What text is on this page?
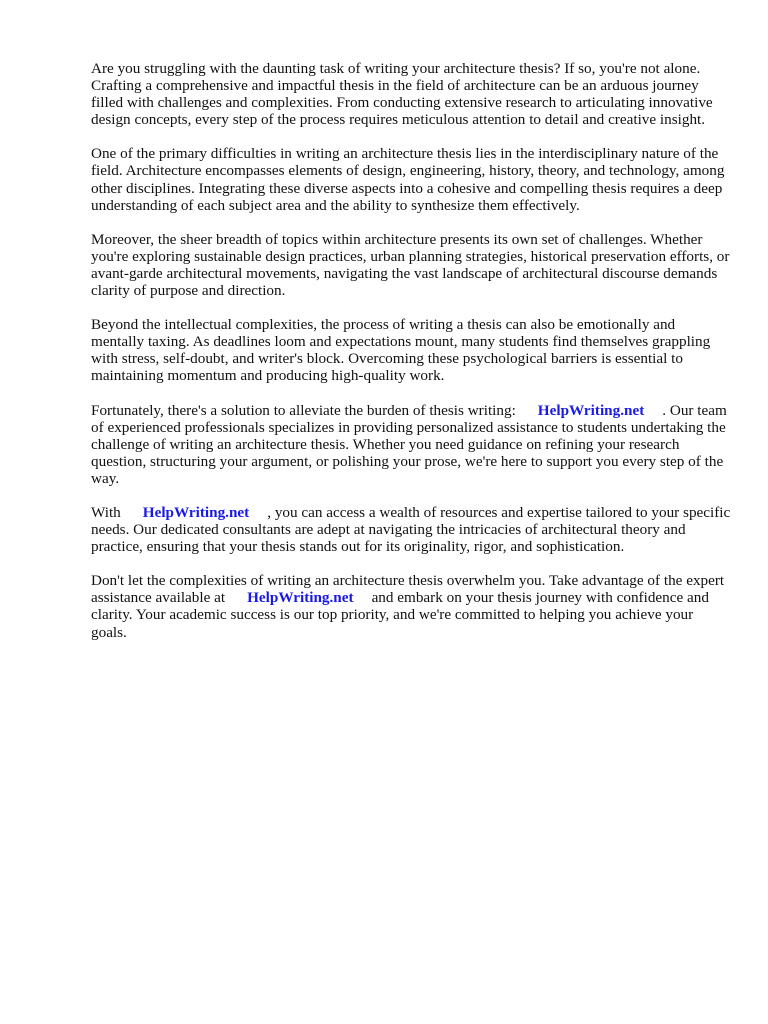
Are you struggling with the daunting task of writing your architecture thesis? If so, you're not alone. Crafting a comprehensive and impactful thesis in the field of architecture can be an arduous journey filled with challenges and complexities. From conducting extensive research to articulating innovative design concepts, every step of the process requires meticulous attention to detail and creative insight.

One of the primary difficulties in writing an architecture thesis lies in the interdisciplinary nature of the field. Architecture encompasses elements of design, engineering, history, theory, and technology, among other disciplines. Integrating these diverse aspects into a cohesive and compelling thesis requires a deep understanding of each subject area and the ability to synthesize them effectively.

Moreover, the sheer breadth of topics within architecture presents its own set of challenges. Whether you're exploring sustainable design practices, urban planning strategies, historical preservation efforts, or avant-garde architectural movements, navigating the vast landscape of architectural discourse demands clarity of purpose and direction.

Beyond the intellectual complexities, the process of writing a thesis can also be emotionally and mentally taxing. As deadlines loom and expectations mount, many students find themselves grappling with stress, self-doubt, and writer's block. Overcoming these psychological barriers is essential to maintaining momentum and producing high-quality work.

Fortunately, there's a solution to alleviate the burden of thesis writing: HelpWriting.net . Our team of experienced professionals specializes in providing personalized assistance to students undertaking the challenge of writing an architecture thesis. Whether you need guidance on refining your research question, structuring your argument, or polishing your prose, we're here to support you every step of the way.

With HelpWriting.net , you can access a wealth of resources and expertise tailored to your specific needs. Our dedicated consultants are adept at navigating the intricacies of architectural theory and practice, ensuring that your thesis stands out for its originality, rigor, and sophistication.

Don't let the complexities of writing an architecture thesis overwhelm you. Take advantage of the expert assistance available at HelpWriting.net and embark on your thesis journey with confidence and clarity. Your academic success is our top priority, and we're committed to helping you achieve your goals.
